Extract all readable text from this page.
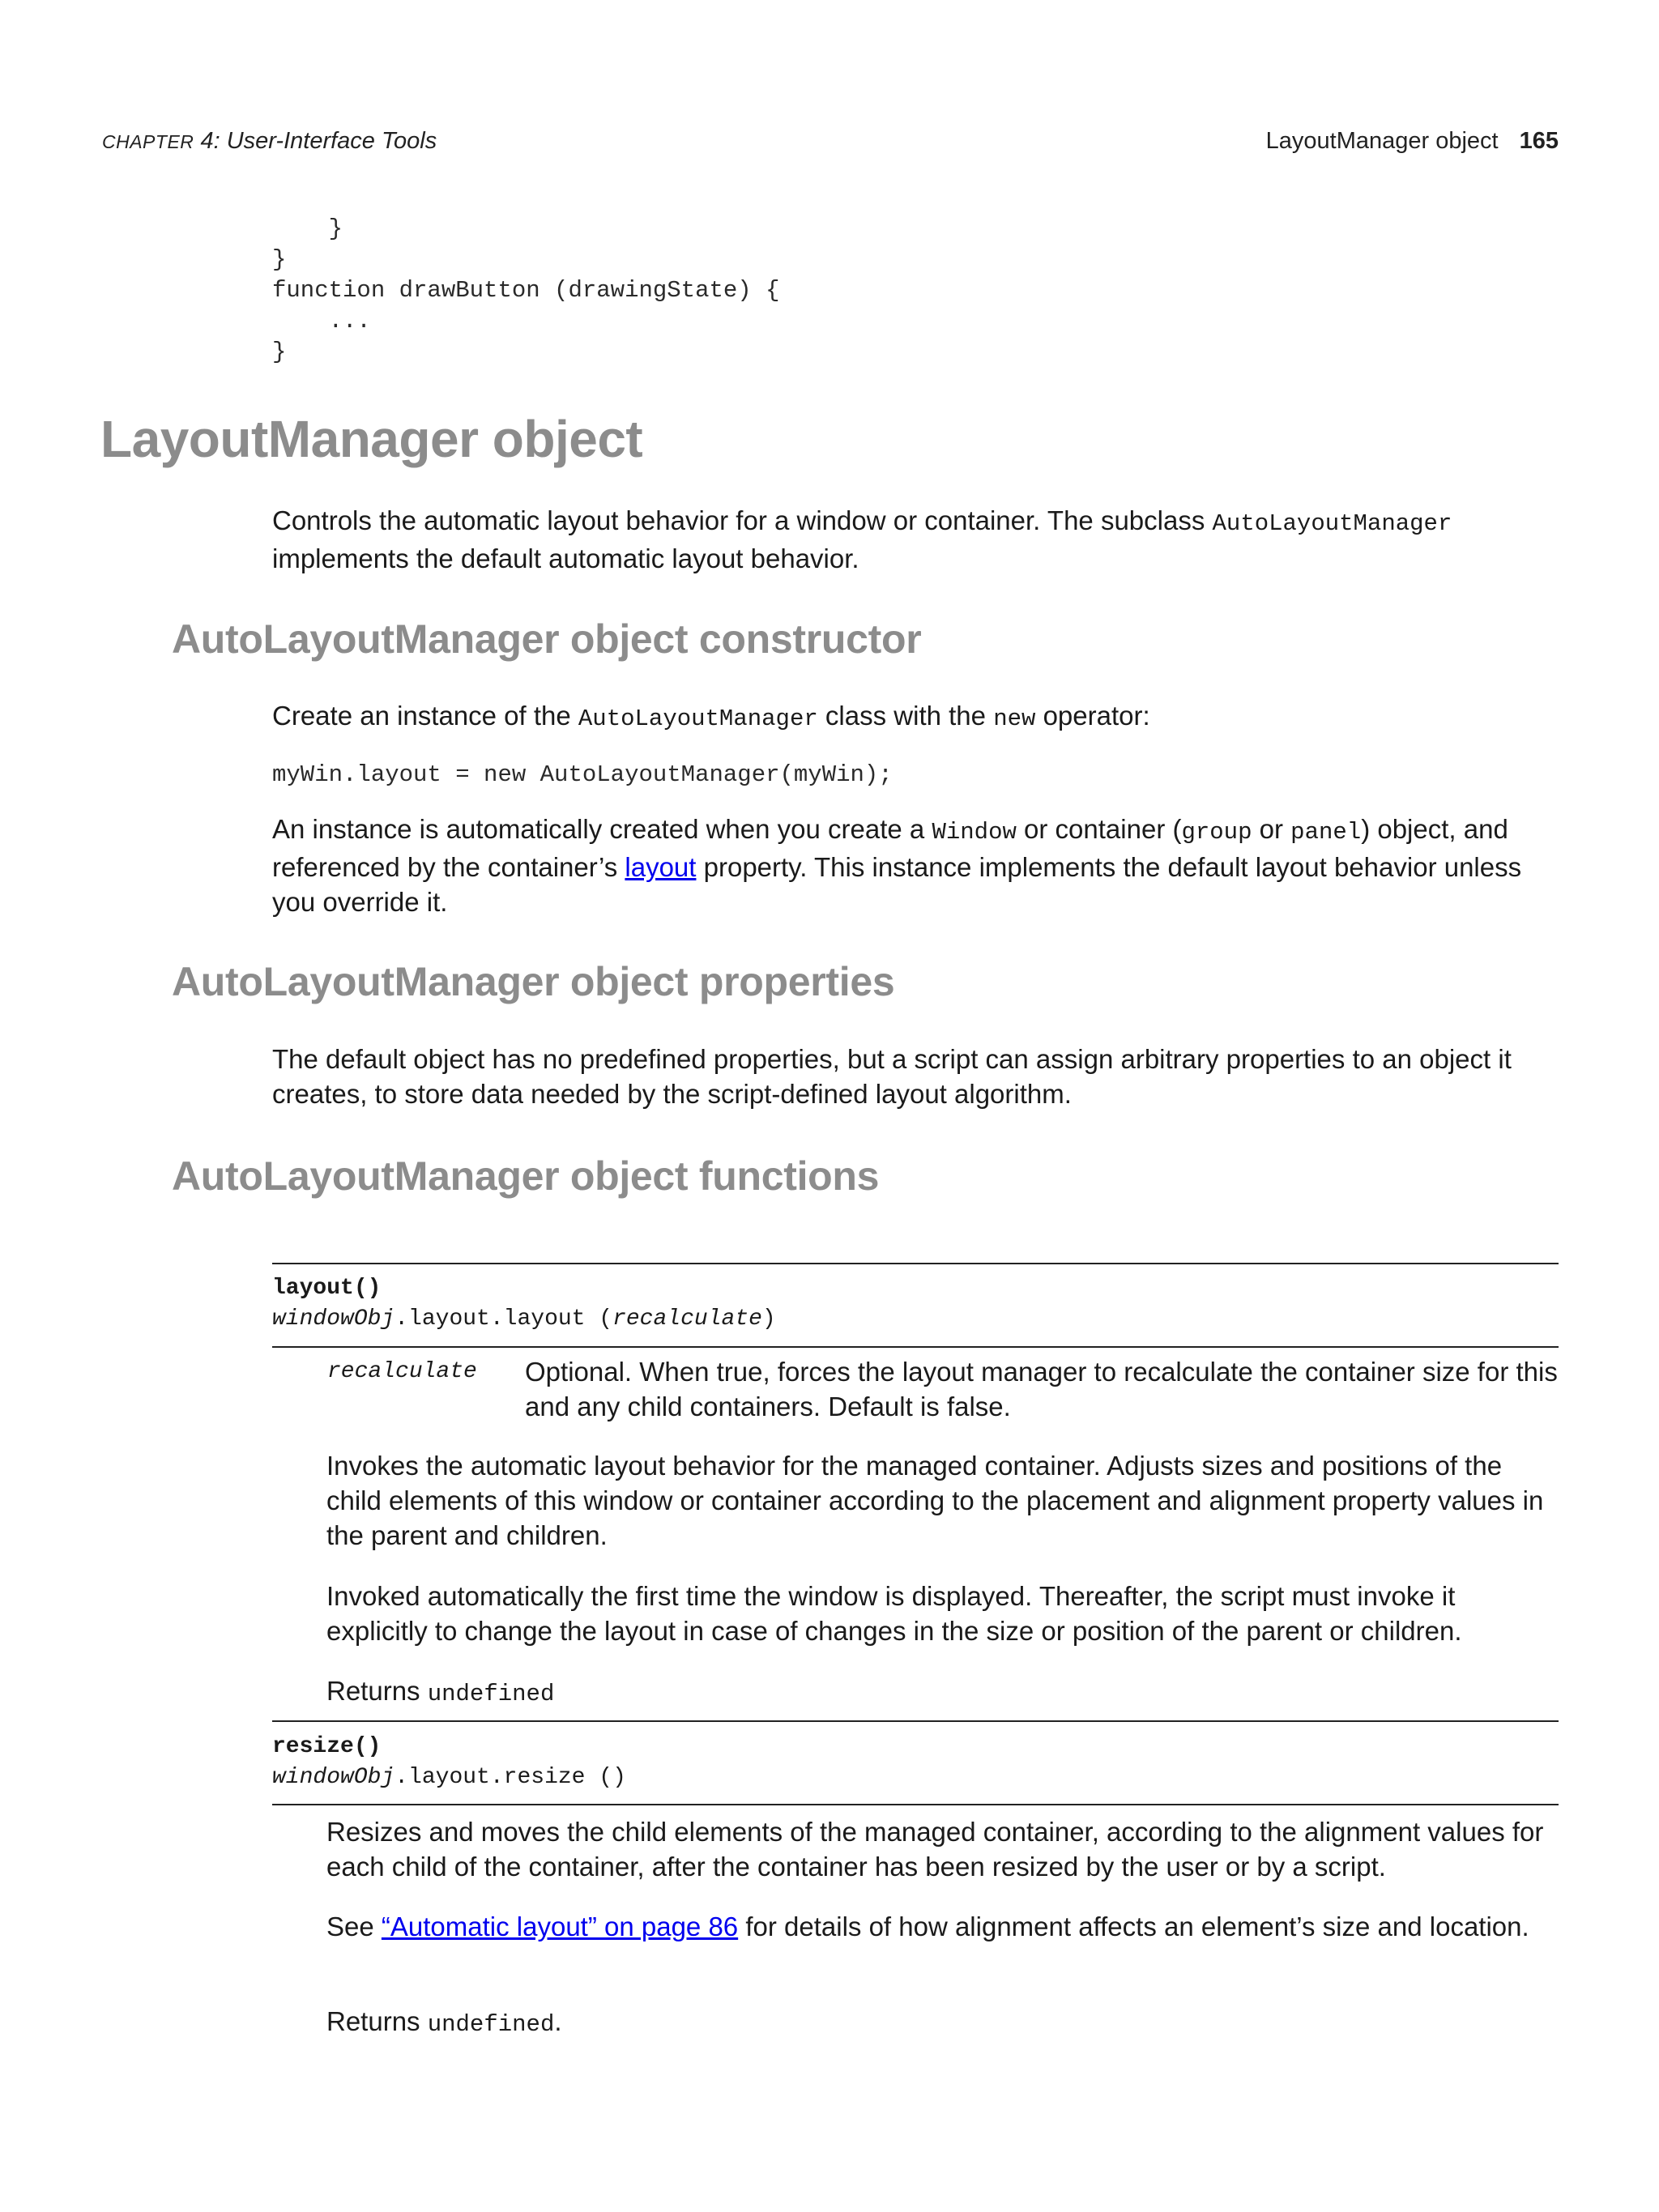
CHAPTER 4: User-Interface Tools	LayoutManager object 165
}
}
function drawButton (drawingState) {
...
}
LayoutManager object

Controls the automatic layout behavior for a window or container. The subclass AutoLayoutManager implements the default automatic layout behavior.

AutoLayoutManager object constructor

Create an instance of the AutoLayoutManager class with the new operator:

myWin.layout = new AutoLayoutManager(myWin);

An instance is automatically created when you create a Window or container (group or panel) object, and referenced by the container’s layout property. This instance implements the default layout behavior unless you override it.

AutoLayoutManager object properties

The default object has no predefined properties, but a script can assign arbitrary properties to an object it creates, to store data needed by the script-defined layout algorithm.

AutoLayoutManager object functions
layout()
windowObj.layout.layout (recalculate)
recalculate Optional. When true, forces the layout manager to recalculate the container size for this and any child containers. Default is false.

Invokes the automatic layout behavior for the managed container. Adjusts sizes and positions of the child elements of this window or container according to the placement and alignment property values in the parent and children.

Invoked automatically the first time the window is displayed. Thereafter, the script must invoke it explicitly to change the layout in case of changes in the size or position of the parent or children.

Returns undefined

resize()
windowObj.layout.resize ()

Resizes and moves the child elements of the managed container, according to the alignment values for each child of the container, after the container has been resized by the user or by a script.

See “Automatic layout” on page 86 for details of how alignment affects an element’s size and location.

Returns undefined.
